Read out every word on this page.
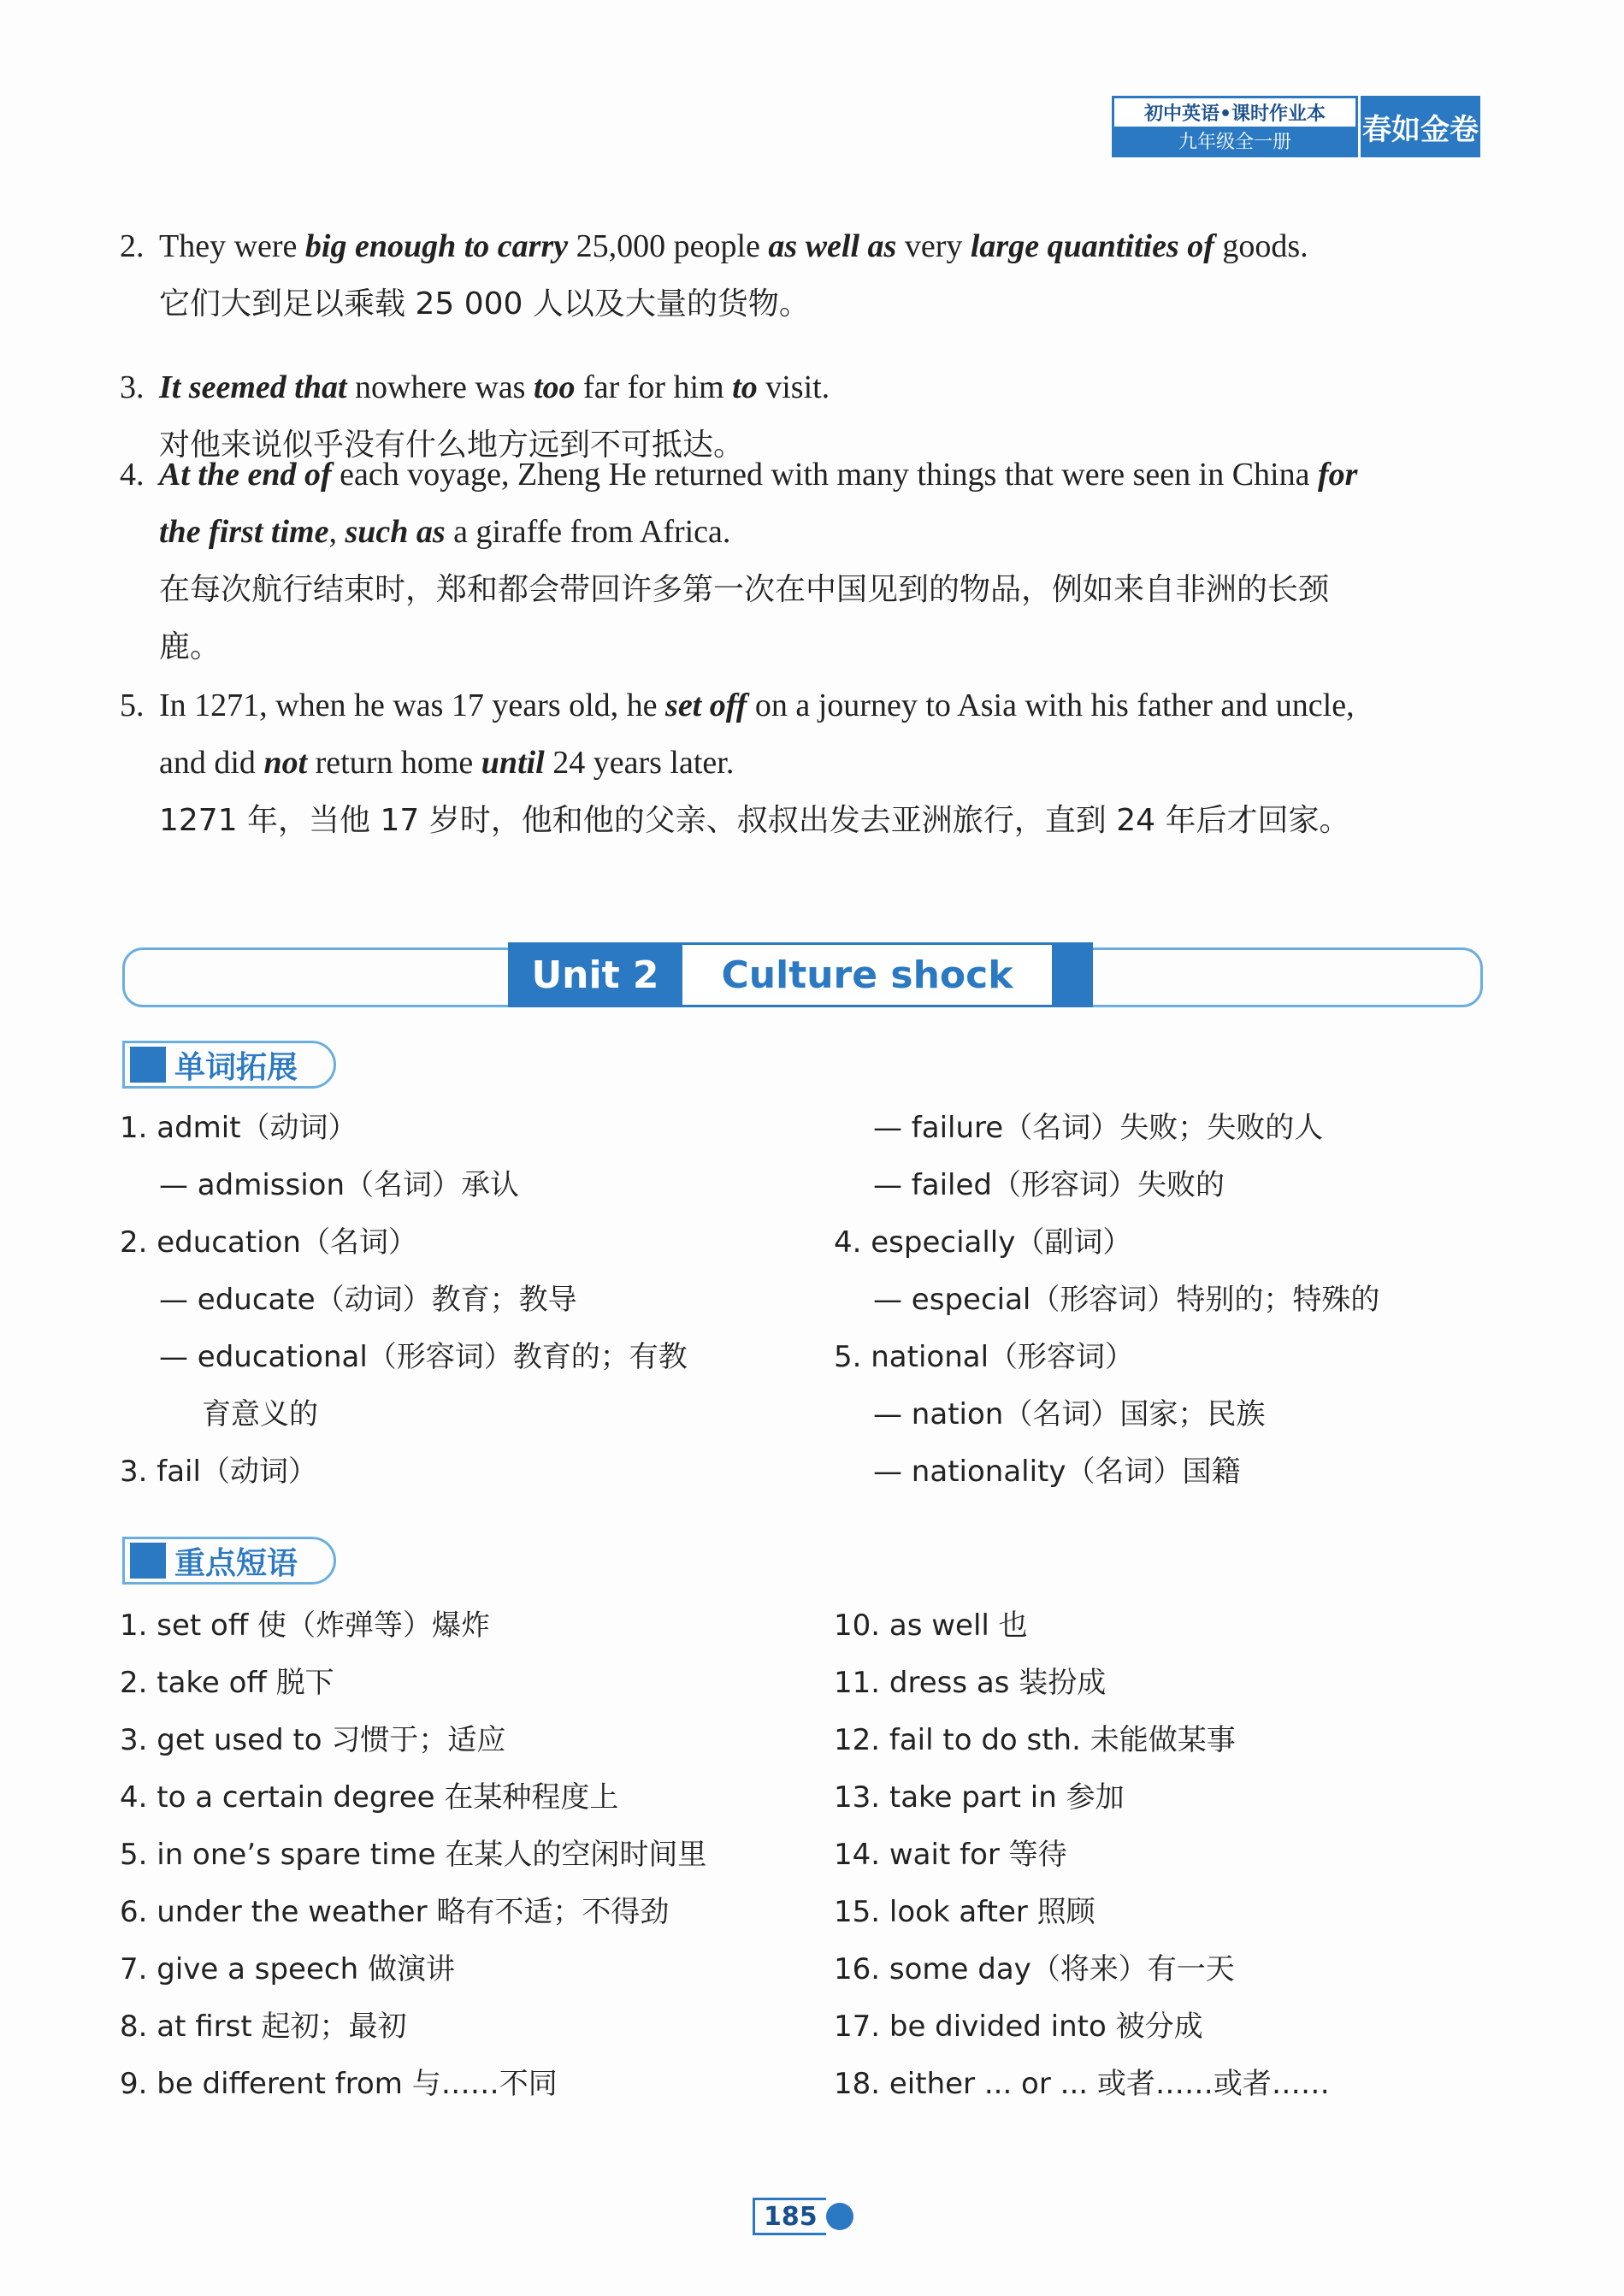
初中英语•课时作业本
九年级全一册	春如金卷
2. They were big enough to carry 25,000 people as well as very large quantities of goods.
它们大到足以乘载 25 000 人以及大量的货物。
3. It seemed that nowhere was too far for him to visit.
对他来说似乎没有什么地方远到不可抵达。
4. At the end of each voyage, Zheng He returned with many things that were seen in China for
the first time, such as a giraffe from Africa.
在每次航行结束时，郑和都会带回许多第一次在中国见到的物品，例如来自非洲的长颈
鹿。
5. In 1271, when he was 17 years old, he set off on a journey to Asia with his father and uncle,
and did not return home until 24 years later.
1271 年，当他 17 岁时，他和他的父亲、叔叔出发去亚洲旅行，直到 24 年后才回家。
Unit 2	Culture shock
单词拓展
1. admit（动词）
— admission（名词）承认
2. education（名词）
— educate（动词）教育；教导
— educational（形容词）教育的；有教
育意义的
3. fail（动词）
— failure（名词）失败；失败的人
— failed（形容词）失败的
4. especially（副词）
— especial（形容词）特别的；特殊的
5. national（形容词）
— nation（名词）国家；民族
— nationality（名词）国籍
重点短语
1. set off 使（炸弹等）爆炸
2. take off 脱下
3. get used to 习惯于；适应
4. to a certain degree 在某种程度上
5. in one’s spare time 在某人的空闲时间里
6. under the weather 略有不适；不得劲
7. give a speech 做演讲
8. at first 起初；最初
9. be different from 与……不同
10. as well 也
11. dress as 装扮成
12. fail to do sth. 未能做某事
13. take part in 参加
14. wait for 等待
15. look after 照顾
16. some day（将来）有一天
17. be divided into 被分成
18. either ... or ... 或者……或者……
185
